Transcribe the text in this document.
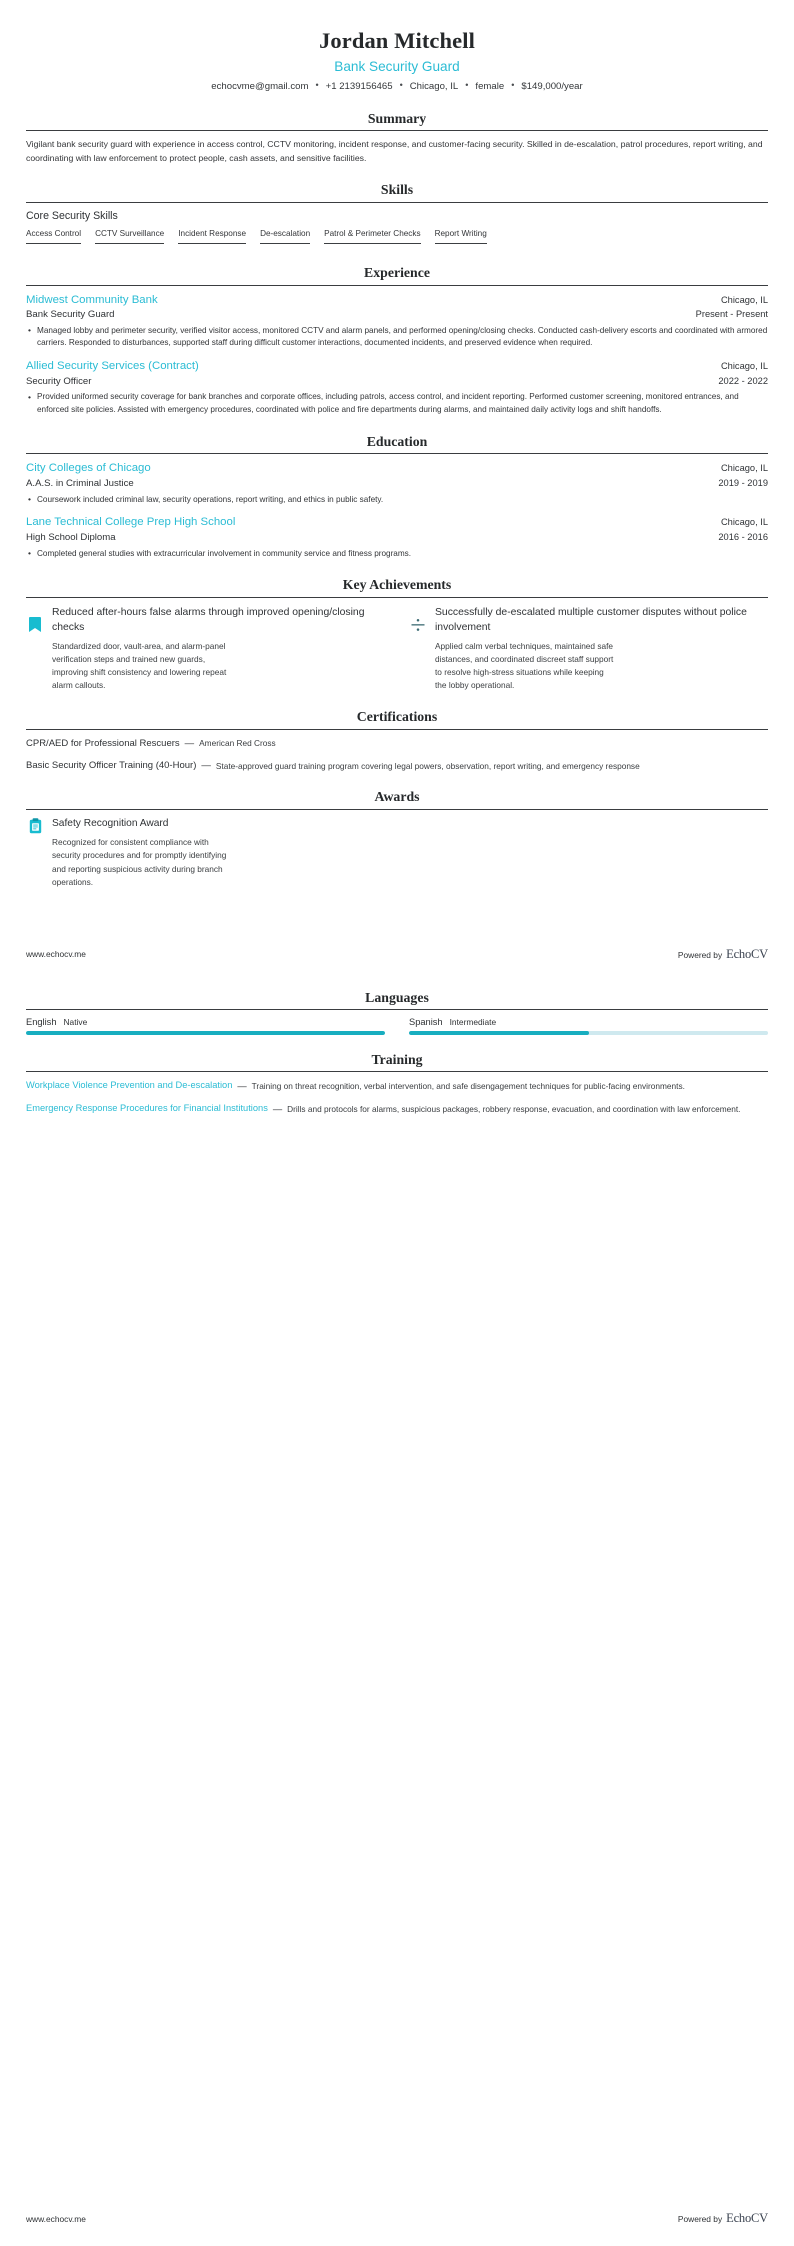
Jordan Mitchell
Bank Security Guard
echocvme@gmail.com • +1 2139156465 • Chicago, IL • female • $149,000/year
Summary
Vigilant bank security guard with experience in access control, CCTV monitoring, incident response, and customer-facing security. Skilled in de-escalation, patrol procedures, report writing, and coordinating with law enforcement to protect people, cash assets, and sensitive facilities.
Skills
Core Security Skills
Access Control CCTV Surveillance Incident Response De-escalation Patrol & Perimeter Checks Report Writing
Experience
Midwest Community Bank	Chicago, IL
Bank Security Guard	Present - Present
• Managed lobby and perimeter security, verified visitor access, monitored CCTV and alarm panels, and performed opening/closing checks. Conducted cash-delivery escorts and coordinated with armored carriers. Responded to disturbances, supported staff during difficult customer interactions, documented incidents, and preserved evidence when required.
Allied Security Services (Contract)	Chicago, IL
Security Officer	2022 - 2022
• Provided uniformed security coverage for bank branches and corporate offices, including patrols, access control, and incident reporting. Performed customer screening, monitored entrances, and enforced site policies. Assisted with emergency procedures, coordinated with police and fire departments during alarms, and maintained daily activity logs and shift handoffs.
Education
City Colleges of Chicago	Chicago, IL
A.A.S. in Criminal Justice	2019 - 2019
• Coursework included criminal law, security operations, report writing, and ethics in public safety.
Lane Technical College Prep High School	Chicago, IL
High School Diploma	2016 - 2016
• Completed general studies with extracurricular involvement in community service and fitness programs.
Key Achievements
Reduced after-hours false alarms through improved opening/closing checks
Standardized door, vault-area, and alarm-panel verification steps and trained new guards, improving shift consistency and lowering repeat alarm callouts.
Successfully de-escalated multiple customer disputes without police involvement
Applied calm verbal techniques, maintained safe distances, and coordinated discreet staff support to resolve high-stress situations while keeping the lobby operational.
Certifications
CPR/AED for Professional Rescuers — American Red Cross
Basic Security Officer Training (40-Hour) — State-approved guard training program covering legal powers, observation, report writing, and emergency response
Awards
Safety Recognition Award
Recognized for consistent compliance with security procedures and for promptly identifying and reporting suspicious activity during branch operations.
www.echocv.me	Powered by EchoCV
Languages
English Native	Spanish Intermediate
Training
Workplace Violence Prevention and De-escalation — Training on threat recognition, verbal intervention, and safe disengagement techniques for public-facing environments.
Emergency Response Procedures for Financial Institutions — Drills and protocols for alarms, suspicious packages, robbery response, evacuation, and coordination with law enforcement.
www.echocv.me	Powered by EchoCV
